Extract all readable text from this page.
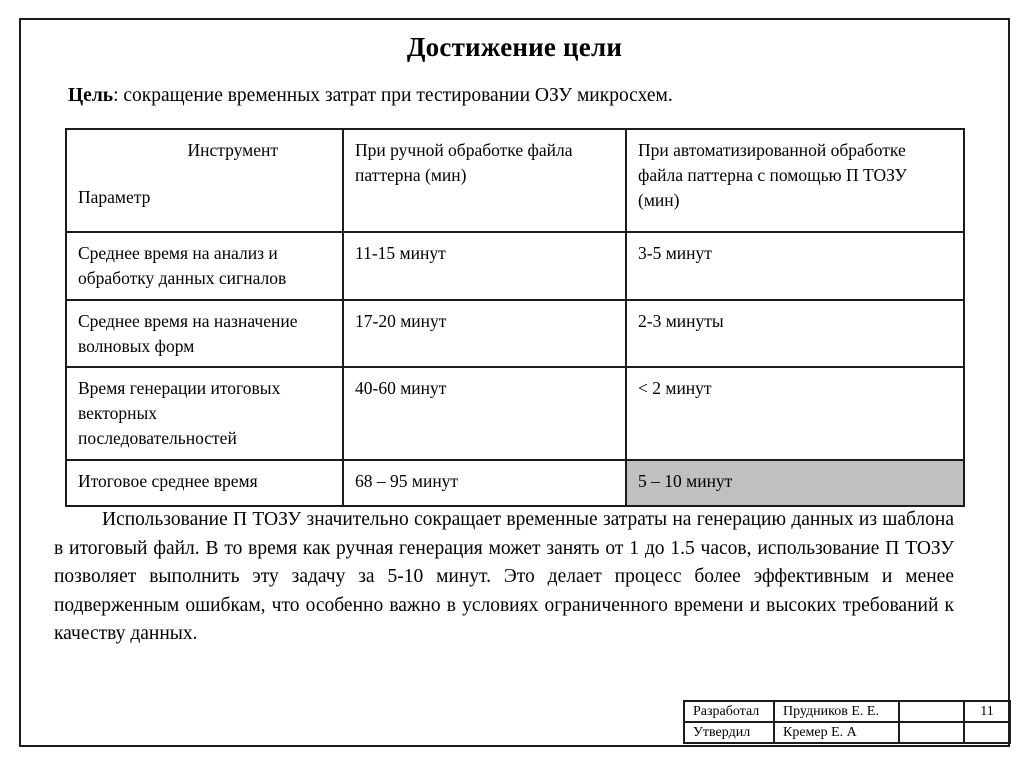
Достижение цели

Цель: сокращение временных затрат при тестировании ОЗУ микросхем.

Инструмент
Параметр	При ручной обработке файла паттерна (мин)	При автоматизированной обработке файла паттерна с помощью П ТОЗУ (мин)
Среднее время на анализ и обработку данных сигналов	11-15 минут	3-5 минут
Среднее время на назначение волновых форм	17-20 минут	2-3 минуты
Время генерации итоговых векторных последовательностей	40-60 минут	< 2 минут
Итоговое среднее время	68 – 95 минут	5 – 10 минут

Использование П ТОЗУ значительно сокращает временные затраты на генерацию данных из шаблона в итоговый файл. В то время как ручная генерация может занять от 1 до 1.5 часов, использование П ТОЗУ позволяет выполнить эту задачу за 5-10 минут. Это делает процесс более эффективным и менее подверженным ошибкам, что особенно важно в условиях ограниченного времени и высоких требований к качеству данных.

Разработал	Прудников Е. Е.		11
Утвердил	Кремер Е. А		
